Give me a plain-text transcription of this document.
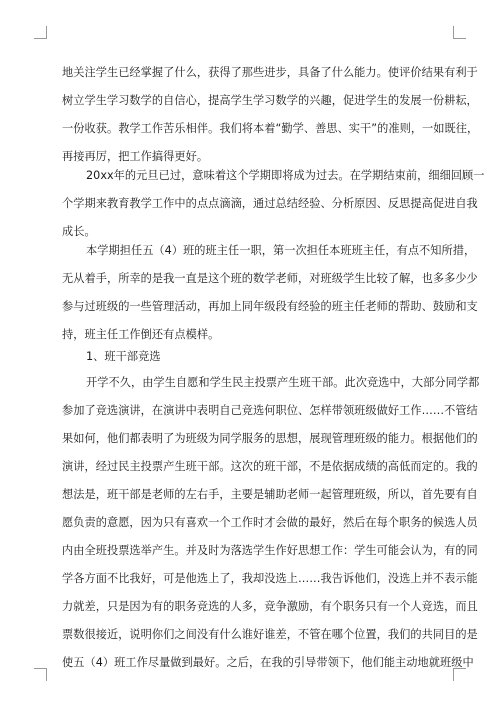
地关注学生已经掌握了什么，获得了那些进步，具备了什么能力。使评价结果有利于
树立学生学习数学的自信心，提高学生学习数学的兴趣，促进学生的发展一份耕耘，
一份收获。教学工作苦乐相伴。我们将本着“勤学、善思、实干”的准则，一如既往，
再接再厉，把工作搞得更好。
20xx年的元旦已过，意味着这个学期即将成为过去。在学期结束前，细细回顾一
个学期来教育教学工作中的点点滴滴，通过总结经验、分析原因、反思提高促进自我
成长。
本学期担任五（4）班的班主任一职，第一次担任本班班主任，有点不知所措，
无从着手，所幸的是我一直是这个班的数学老师，对班级学生比较了解，也多多少少
参与过班级的一些管理活动，再加上同年级段有经验的班主任老师的帮助、鼓励和支
持，班主任工作倒还有点模样。
1、班干部竞选
开学不久，由学生自愿和学生民主投票产生班干部。此次竞选中，大部分同学都
参加了竞选演讲，在演讲中表明自己竞选何职位、怎样带领班级做好工作……不管结
果如何，他们都表明了为班级为同学服务的思想，展现管理班级的能力。根据他们的
演讲，经过民主投票产生班干部。这次的班干部，不是依据成绩的高低而定的。我的
想法是，班干部是老师的左右手，主要是辅助老师一起管理班级，所以，首先要有自
愿负责的意愿，因为只有喜欢一个工作时才会做的最好，然后在每个职务的候选人员
内由全班投票选举产生。并及时为落选学生作好思想工作：学生可能会认为，有的同
学各方面不比我好，可是他选上了，我却没选上……我告诉他们，没选上并不表示能
力就差，只是因为有的职务竞选的人多，竞争激励，有个职务只有一个人竞选，而且
票数很接近，说明你们之间没有什么谁好谁差，不管在哪个位置，我们的共同目的是
使五（4）班工作尽量做到最好。之后，在我的引导带领下，他们能主动地就班级中
